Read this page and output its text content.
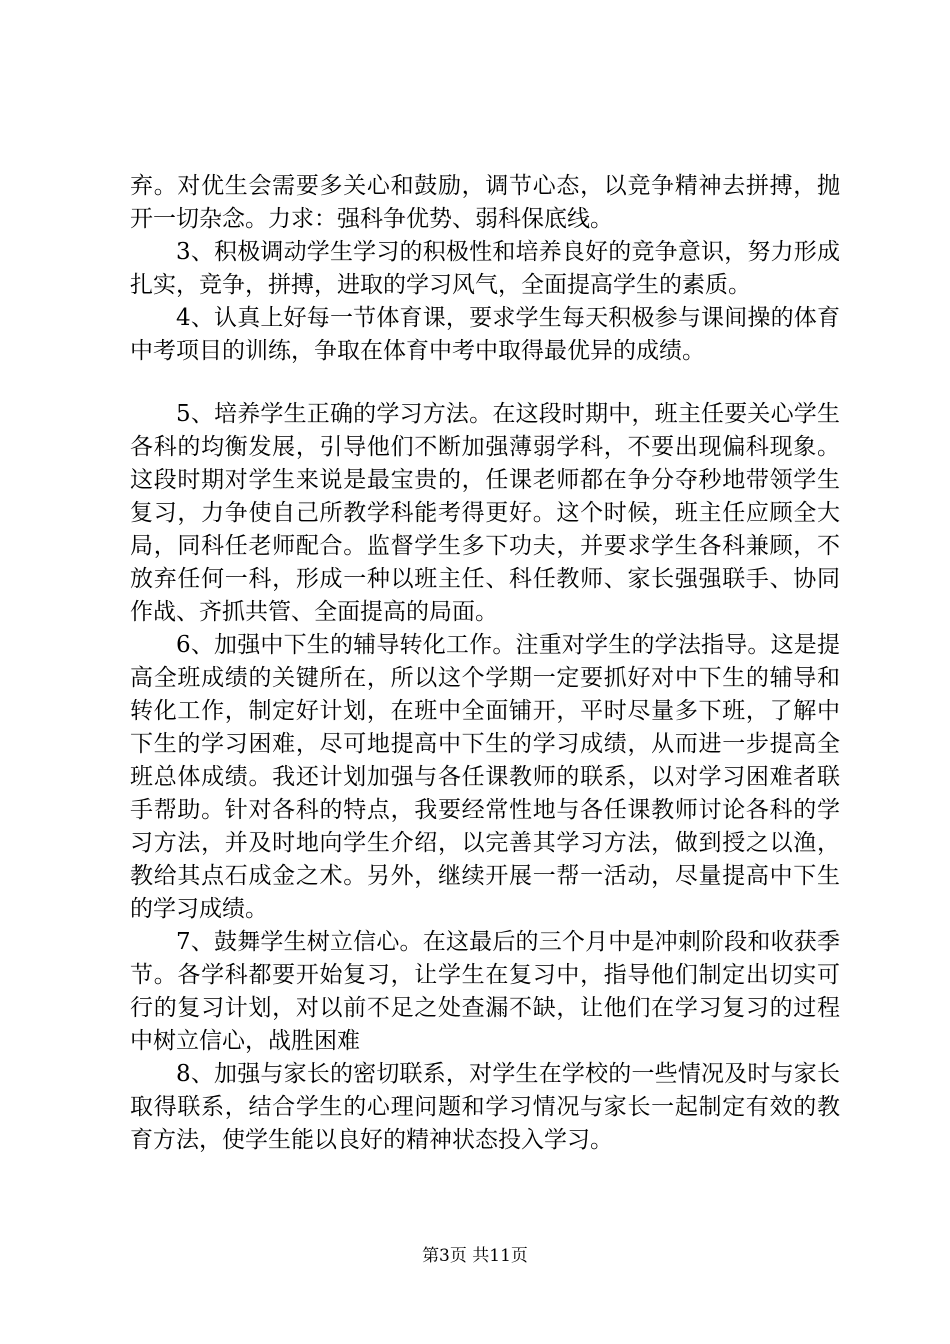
弃。对优生会需要多关心和鼓励，调节心态，以竞争精神去拼搏，抛开一切杂念。力求：强科争优势、弱科保底线。

3、积极调动学生学习的积极性和培养良好的竞争意识，努力形成扎实，竞争，拼搏，进取的学习风气，全面提高学生的素质。

4、认真上好每一节体育课，要求学生每天积极参与课间操的体育中考项目的训练，争取在体育中考中取得最优异的成绩。

5、培养学生正确的学习方法。在这段时期中，班主任要关心学生各科的均衡发展，引导他们不断加强薄弱学科，不要出现偏科现象。这段时期对学生来说是最宝贵的，任课老师都在争分夺秒地带领学生复习，力争使自己所教学科能考得更好。这个时候，班主任应顾全大局，同科任老师配合。监督学生多下功夫，并要求学生各科兼顾，不放弃任何一科，形成一种以班主任、科任教师、家长强强联手、协同作战、齐抓共管、全面提高的局面。

6、加强中下生的辅导转化工作。注重对学生的学法指导。这是提高全班成绩的关键所在，所以这个学期一定要抓好对中下生的辅导和转化工作，制定好计划，在班中全面铺开，平时尽量多下班，了解中下生的学习困难，尽可地提高中下生的学习成绩，从而进一步提高全班总体成绩。我还计划加强与各任课教师的联系，以对学习困难者联手帮助。针对各科的特点，我要经常性地与各任课教师讨论各科的学习方法，并及时地向学生介绍，以完善其学习方法，做到授之以渔，教给其点石成金之术。另外，继续开展一帮一活动，尽量提高中下生的学习成绩。

7、鼓舞学生树立信心。在这最后的三个月中是冲刺阶段和收获季节。各学科都要开始复习，让学生在复习中，指导他们制定出切实可行的复习计划，对以前不足之处查漏不缺，让他们在学习复习的过程中树立信心，战胜困难

8、加强与家长的密切联系，对学生在学校的一些情况及时与家长取得联系，结合学生的心理问题和学习情况与家长一起制定有效的教育方法，使学生能以良好的精神状态投入学习。

第3页 共11页
